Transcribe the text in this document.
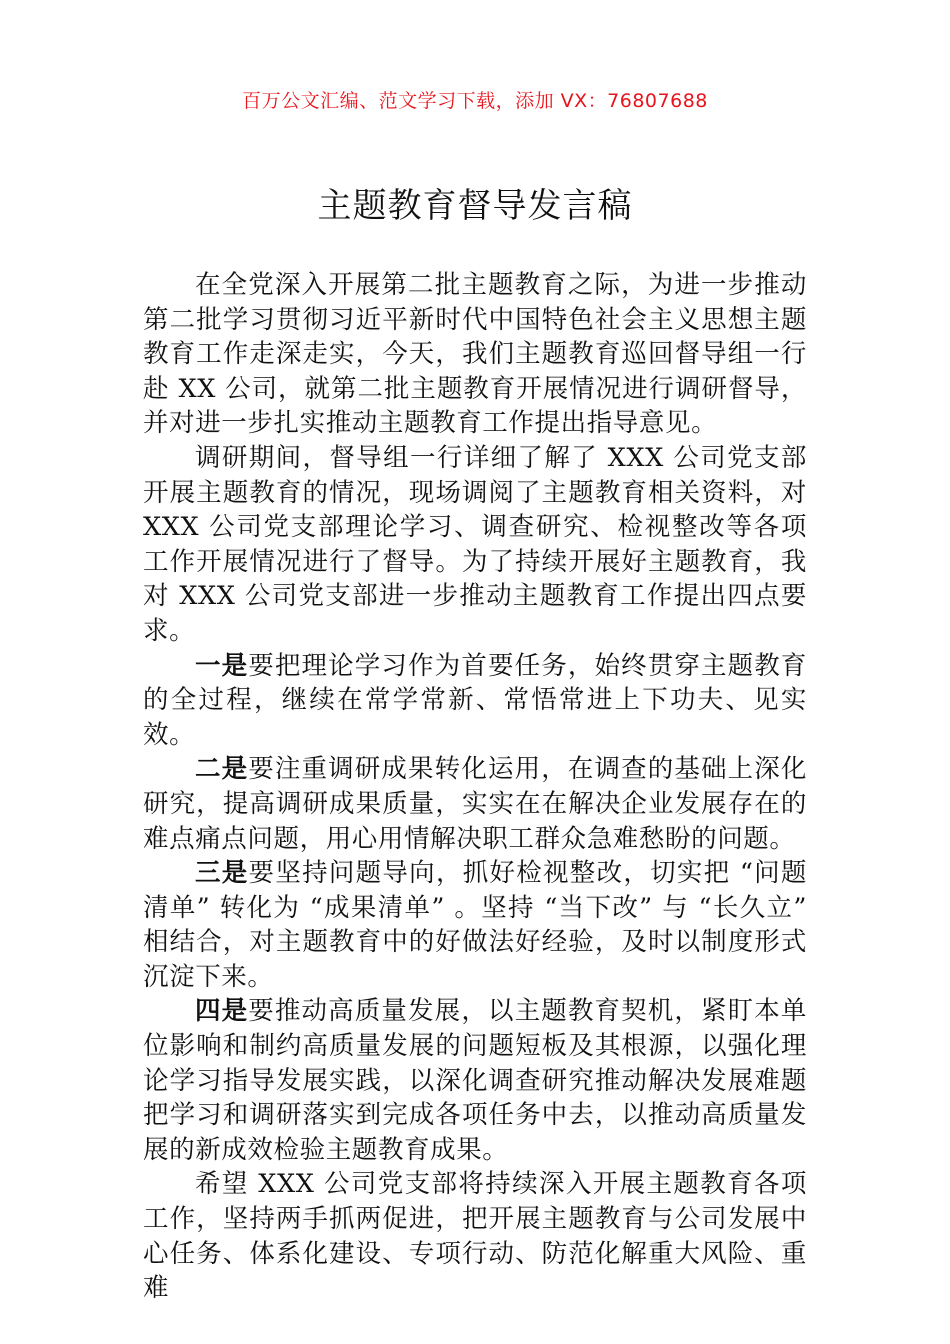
百万公文汇编、范文学习下载，添加 VX：76807688
主题教育督导发言稿

在全党深入开展第二批主题教育之际，为进一步推动第二批学习贯彻习近平新时代中国特色社会主义思想主题教育工作走深走实，今天，我们主题教育巡回督导组一行赴 XX 公司，就第二批主题教育开展情况进行调研督导，并对进一步扎实推动主题教育工作提出指导意见。

调研期间，督导组一行详细了解了 XXX 公司党支部开展主题教育的情况，现场调阅了主题教育相关资料，对 XXX 公司党支部理论学习、调查研究、检视整改等各项工作开展情况进行了督导。为了持续开展好主题教育，我对 XXX 公司党支部进一步推动主题教育工作提出四点要求。

一是要把理论学习作为首要任务，始终贯穿主题教育的全过程，继续在常学常新、常悟常进上下功夫、见实效。

二是要注重调研成果转化运用，在调查的基础上深化研究，提高调研成果质量，实实在在解决企业发展存在的难点痛点问题，用心用情解决职工群众急难愁盼的问题。

三是要坚持问题导向，抓好检视整改，切实把 “问题清单” 转化为 “成果清单” 。坚持 “当下改” 与 “长久立” 相结合，对主题教育中的好做法好经验，及时以制度形式沉淀下来。

四是要推动高质量发展，以主题教育契机，紧盯本单位影响和制约高质量发展的问题短板及其根源，以强化理论学习指导发展实践，以深化调查研究推动解决发展难题把学习和调研落实到完成各项任务中去，以推动高质量发展的新成效检验主题教育成果。

希望 XXX 公司党支部将持续深入开展主题教育各项工作，坚持两手抓两促进，把开展主题教育与公司发展中心任务、体系化建设、专项行动、防范化解重大风险、重难
